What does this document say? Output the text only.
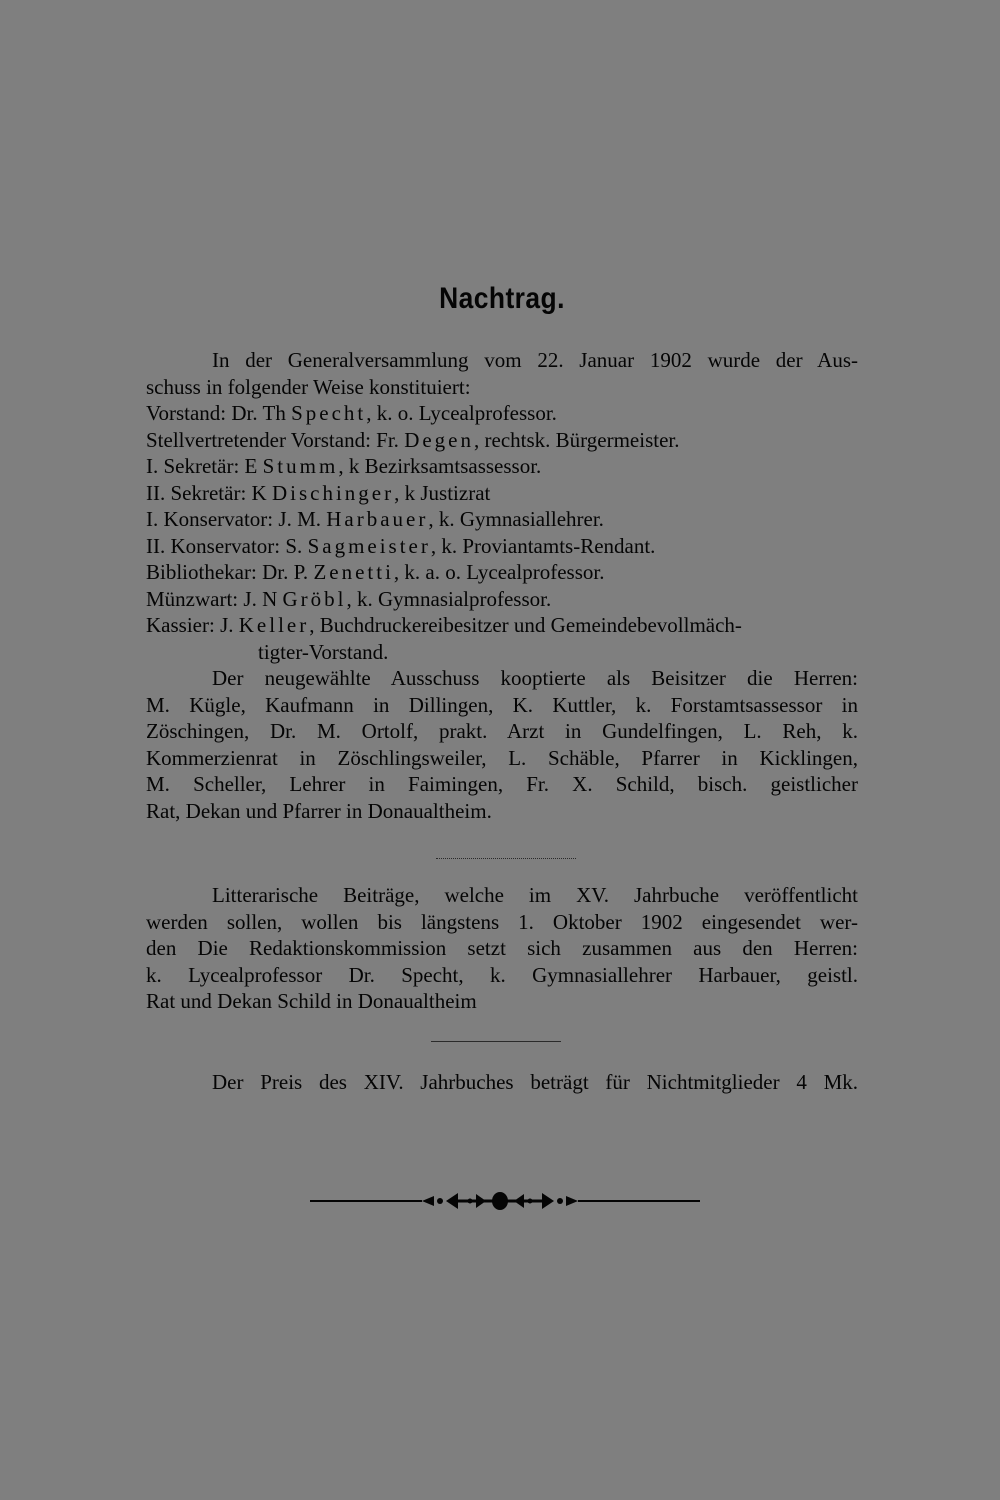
Nachtrag.
In der Generalversammlung vom 22. Januar 1902 wurde der Aus-
schuss in folgender Weise konstituiert:
Vorstand: Dr. Th Specht, k. o. Lycealprofessor.
Stellvertretender Vorstand: Fr. Degen, rechtsk. Bürgermeister.
I. Sekretär: E Stumm, k Bezirksamtsassessor.
II. Sekretär: K Dischinger, k Justizrat
I. Konservator: J. M. Harbauer, k. Gymnasiallehrer.
II. Konservator: S. Sagmeister, k. Proviantamts-Rendant.
Bibliothekar: Dr. P. Zenetti, k. a. o. Lycealprofessor.
Münzwart: J. N Gröbl, k. Gymnasialprofessor.
Kassier: J. Keller, Buchdruckereibesitzer und Gemeindebevollmäch-
tigter-Vorstand.
Der neugewählte Ausschuss kooptierte als Beisitzer die Herren:
M. Kügle, Kaufmann in Dillingen, K. Kuttler, k. Forstamtsassessor in
Zöschingen, Dr. M. Ortolf, prakt. Arzt in Gundelfingen, L. Reh, k.
Kommerzienrat in Zöschlingsweiler, L. Schäble, Pfarrer in Kicklingen,
M. Scheller, Lehrer in Faimingen, Fr. X. Schild, bisch. geistlicher
Rat, Dekan und Pfarrer in Donaualtheim.
Litterarische Beiträge, welche im XV. Jahrbuche veröffentlicht
werden sollen, wollen bis längstens 1. Oktober 1902 eingesendet wer-
den Die Redaktionskommission setzt sich zusammen aus den Herren:
k. Lycealprofessor Dr. Specht, k. Gymnasiallehrer Harbauer, geistl.
Rat und Dekan Schild in Donaualtheim
Der Preis des XIV. Jahrbuches beträgt für Nichtmitglieder 4 Mk.
